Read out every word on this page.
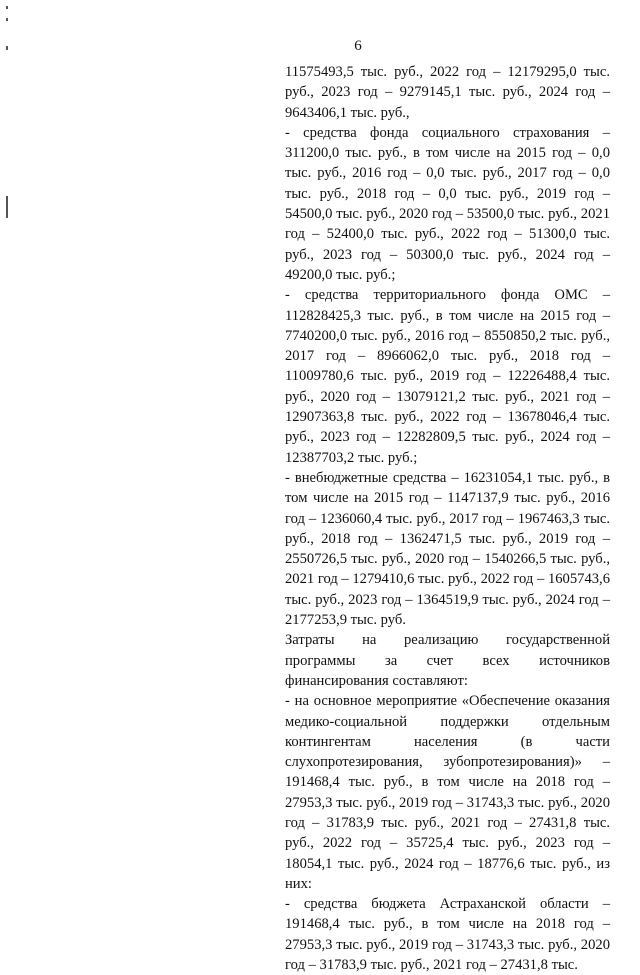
6

11575493,5 тыс. руб., 2022 год – 12179295,0 тыс. руб., 2023 год – 9279145,1 тыс. руб., 2024 год – 9643406,1 тыс. руб.,

- средства фонда социального страхования – 311200,0 тыс. руб., в том числе на 2015 год – 0,0 тыс. руб., 2016 год – 0,0 тыс. руб., 2017 год – 0,0 тыс. руб., 2018 год – 0,0 тыс. руб., 2019 год – 54500,0 тыс. руб., 2020 год – 53500,0 тыс. руб., 2021 год – 52400,0 тыс. руб., 2022 год – 51300,0 тыс. руб., 2023 год – 50300,0 тыс. руб., 2024 год – 49200,0 тыс. руб.;

- средства территориального фонда ОМС – 112828425,3 тыс. руб., в том числе на 2015 год – 7740200,0 тыс. руб., 2016 год – 8550850,2 тыс. руб., 2017 год – 8966062,0 тыс. руб., 2018 год – 11009780,6 тыс. руб., 2019 год – 12226488,4 тыс. руб., 2020 год – 13079121,2 тыс. руб., 2021 год – 12907363,8 тыс. руб., 2022 год – 13678046,4 тыс. руб., 2023 год – 12282809,5 тыс. руб., 2024 год – 12387703,2 тыс. руб.;

- внебюджетные средства – 16231054,1 тыс. руб., в том числе на 2015 год – 1147137,9 тыс. руб., 2016 год – 1236060,4 тыс. руб., 2017 год – 1967463,3 тыс. руб., 2018 год – 1362471,5 тыс. руб., 2019 год – 2550726,5 тыс. руб., 2020 год – 1540266,5 тыс. руб., 2021 год – 1279410,6 тыс. руб., 2022 год – 1605743,6 тыс. руб., 2023 год – 1364519,9 тыс. руб., 2024 год – 2177253,9 тыс. руб.

Затраты на реализацию государственной программы за счет всех источников финансирования составляют:

- на основное мероприятие «Обеспечение оказания медико-социальной поддержки отдельным контингентам населения (в части слухопротезирования, зубопротезирования)» – 191468,4 тыс. руб., в том числе на 2018 год – 27953,3 тыс. руб., 2019 год – 31743,3 тыс. руб., 2020 год – 31783,9 тыс. руб., 2021 год – 27431,8 тыс. руб., 2022 год – 35725,4 тыс. руб., 2023 год – 18054,1 тыс. руб., 2024 год – 18776,6 тыс. руб., из них:

- средства бюджета Астраханской области – 191468,4 тыс. руб., в том числе на 2018 год – 27953,3 тыс. руб., 2019 год – 31743,3 тыс. руб., 2020 год – 31783,9 тыс. руб., 2021 год – 27431,8 тыс.
